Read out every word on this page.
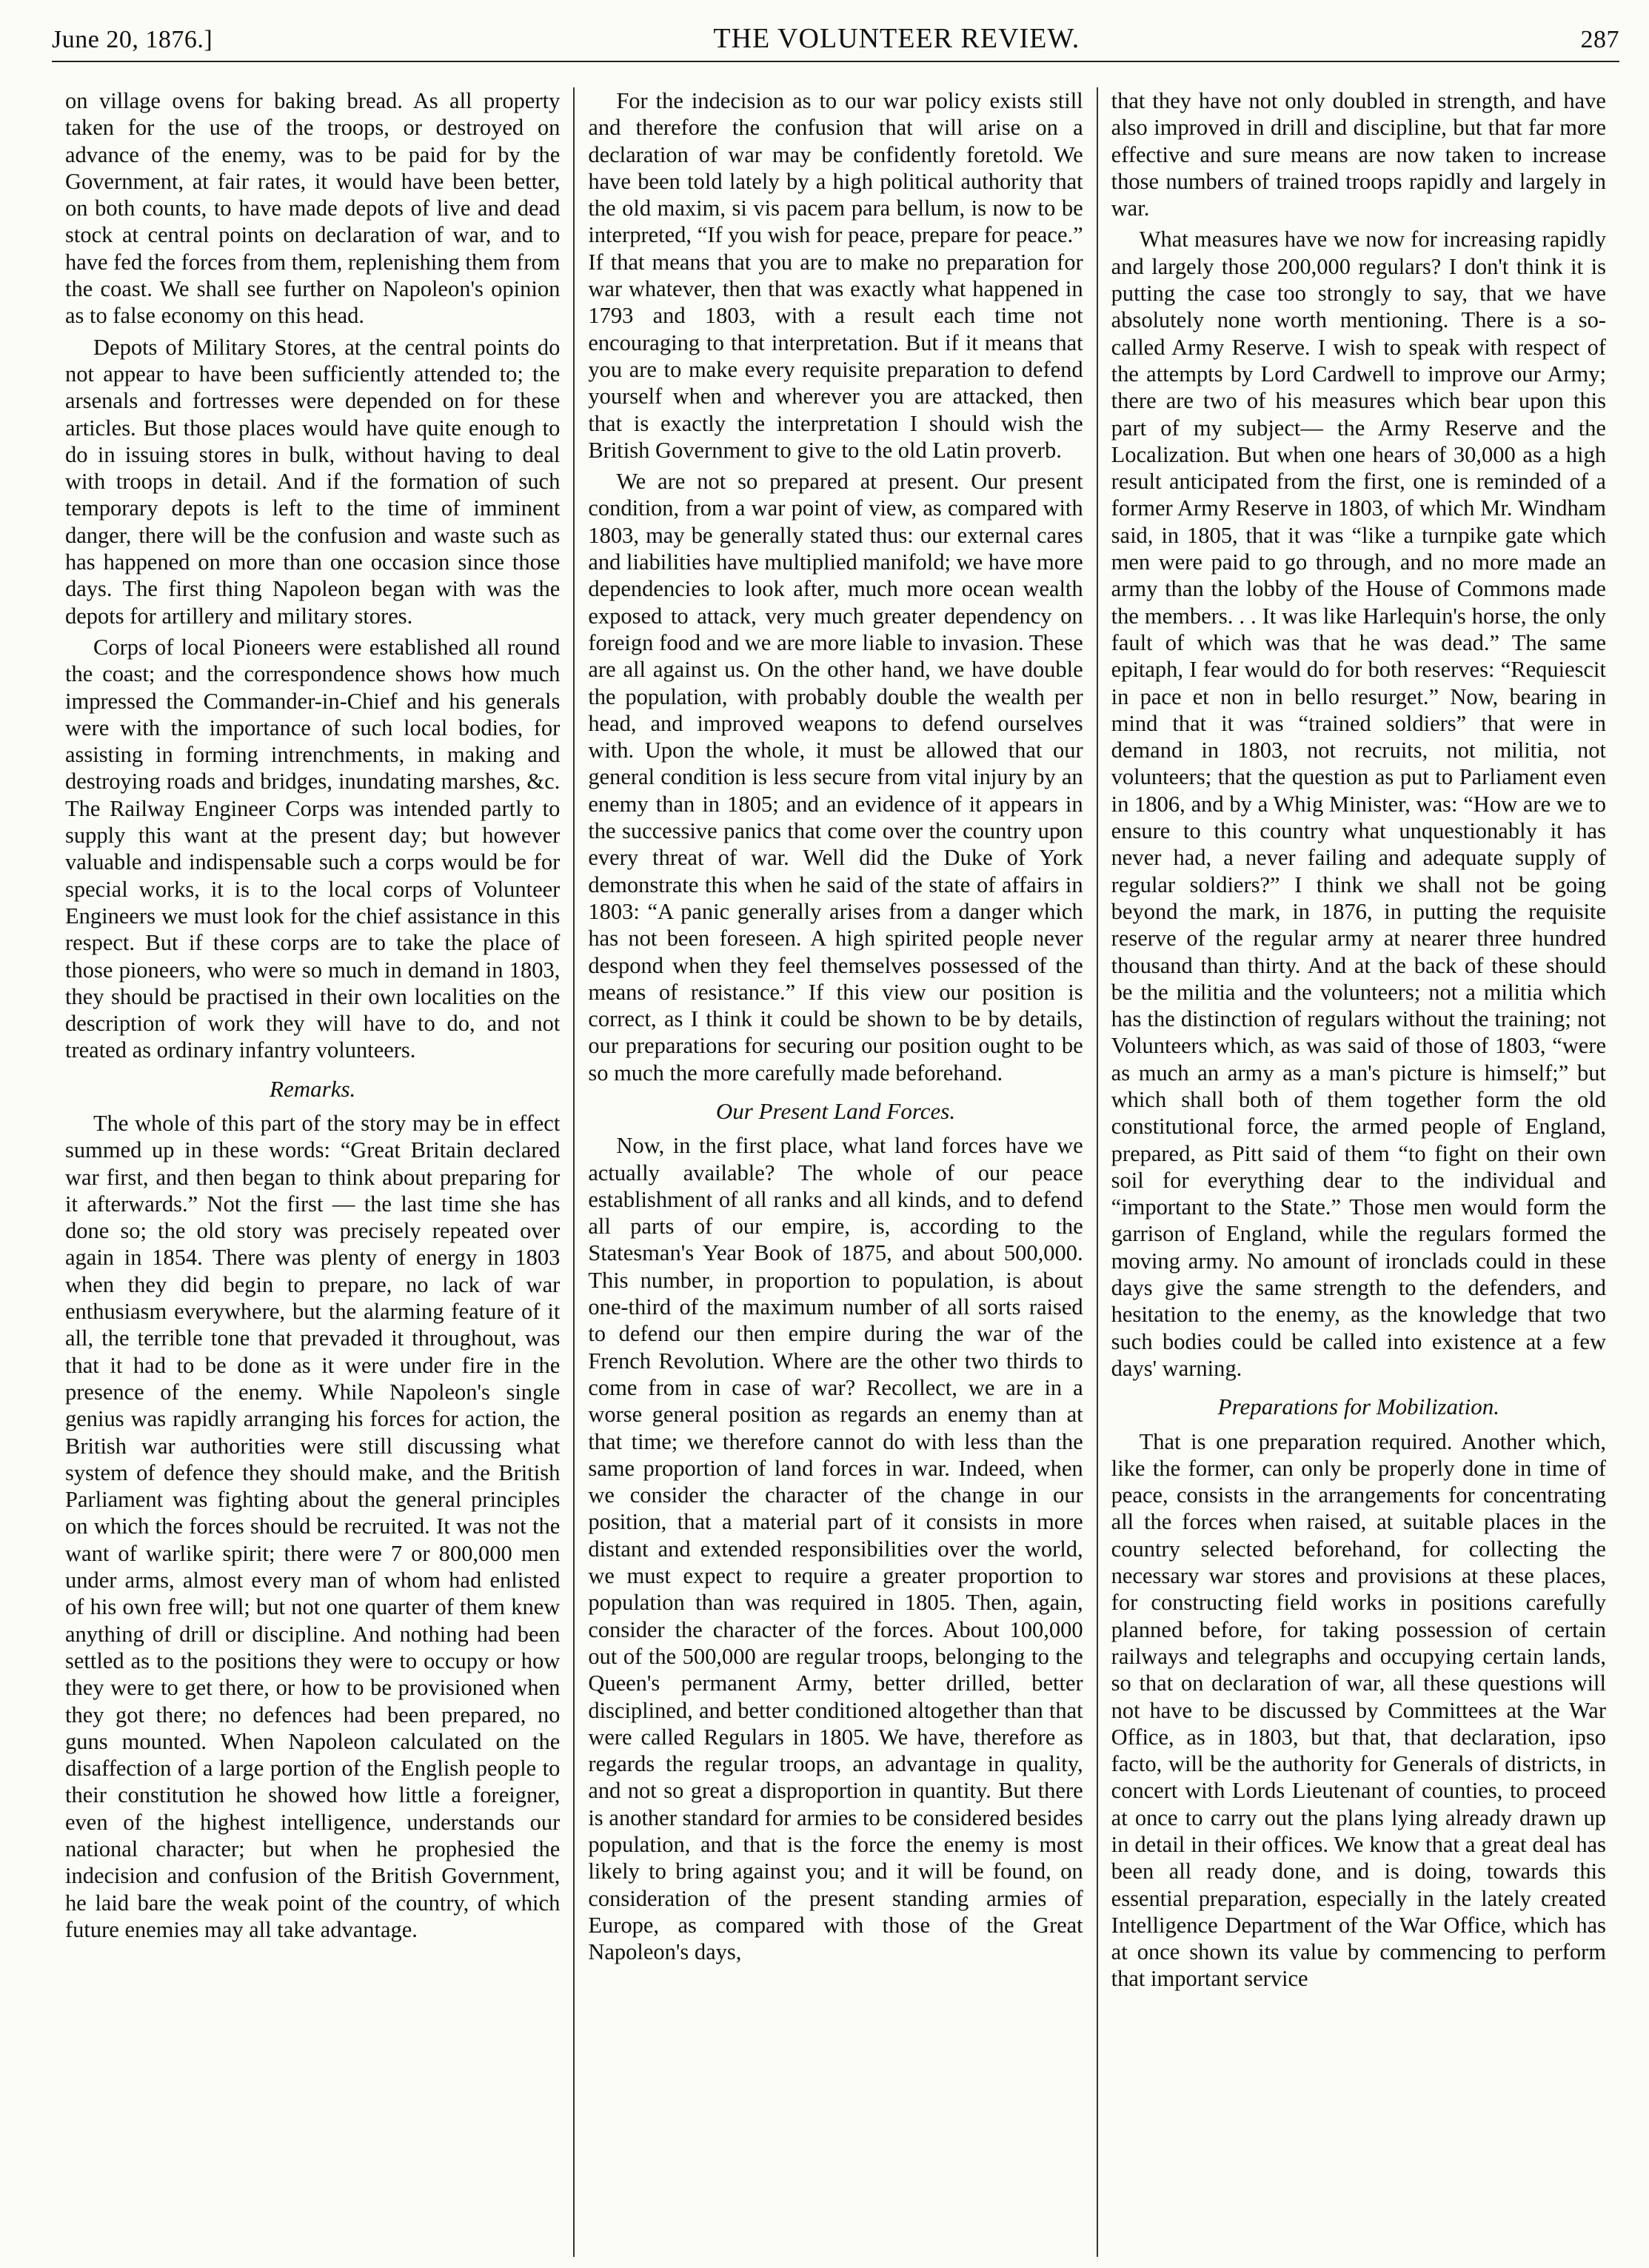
June 20, 1876.]	THE VOLUNTEER REVIEW.	287

on village ovens for baking bread. As all property taken for the use of the troops, or destroyed on advance of the enemy, was to be paid for by the Government, at fair rates, it would have been better, on both counts, to have made depots of live and dead stock at central points on declaration of war, and to have fed the forces from them, replenishing them from the coast. We shall see further on Napoleon's opinion as to false economy on this head.

Depots of Military Stores, at the central points do not appear to have been sufficiently attended to; the arsenals and fortresses were depended on for these articles. But those places would have quite enough to do in issuing stores in bulk, without having to deal with troops in detail. And if the formation of such temporary depots is left to the time of imminent danger, there will be the confusion and waste such as has happened on more than one occasion since those days. The first thing Napoleon began with was the depots for artillery and military stores.

Corps of local Pioneers were established all round the coast; and the correspondence shows how much impressed the Commander-in-Chief and his generals were with the importance of such local bodies, for assisting in forming intrenchments, in making and destroying roads and bridges, inundating marshes, &c. The Railway Engineer Corps was intended partly to supply this want at the present day; but however valuable and indispensable such a corps would be for special works, it is to the local corps of Volunteer Engineers we must look for the chief assistance in this respect. But if these corps are to take the place of those pioneers, who were so much in demand in 1803, they should be practised in their own localities on the description of work they will have to do, and not treated as ordinary infantry volunteers.

Remarks.

The whole of this part of the story may be in effect summed up in these words: “Great Britain declared war first, and then began to think about preparing for it afterwards.” Not the first — the last time she has done so; the old story was precisely repeated over again in 1854. There was plenty of energy in 1803 when they did begin to prepare, no lack of war enthusiasm everywhere, but the alarming feature of it all, the terrible tone that prevaded it throughout, was that it had to be done as it were under fire in the presence of the enemy. While Napoleon's single genius was rapidly arranging his forces for action, the British war authorities were still discussing what system of defence they should make, and the British Parliament was fighting about the general principles on which the forces should be recruited. It was not the want of warlike spirit; there were 7 or 800,000 men under arms, almost every man of whom had enlisted of his own free will; but not one quarter of them knew anything of drill or discipline. And nothing had been settled as to the positions they were to occupy or how they were to get there, or how to be provisioned when they got there; no defences had been prepared, no guns mounted. When Napoleon calculated on the disaffection of a large portion of the English people to their constitution he showed how little a foreigner, even of the highest intelligence, understands our national character; but when he prophesied the indecision and confusion of the British Government, he laid bare the weak point of the country, of which future enemies may all take advantage.

For the indecision as to our war policy exists still and therefore the confusion that will arise on a declaration of war may be confidently foretold. We have been told lately by a high political authority that the old maxim, si vis pacem para bellum, is now to be interpreted, “If you wish for peace, prepare for peace.” If that means that you are to make no preparation for war whatever, then that was exactly what happened in 1793 and 1803, with a result each time not encouraging to that interpretation. But if it means that you are to make every requisite preparation to defend yourself when and wherever you are attacked, then that is exactly the interpretation I should wish the British Government to give to the old Latin proverb.

We are not so prepared at present. Our present condition, from a war point of view, as compared with 1803, may be generally stated thus: our external cares and liabilities have multiplied manifold; we have more dependencies to look after, much more ocean wealth exposed to attack, very much greater dependency on foreign food and we are more liable to invasion. These are all against us. On the other hand, we have double the population, with probably double the wealth per head, and improved weapons to defend ourselves with. Upon the whole, it must be allowed that our general condition is less secure from vital injury by an enemy than in 1805; and an evidence of it appears in the successive panics that come over the country upon every threat of war. Well did the Duke of York demonstrate this when he said of the state of affairs in 1803: “A panic generally arises from a danger which has not been foreseen. A high spirited people never despond when they feel themselves possessed of the means of resistance.” If this view our position is correct, as I think it could be shown to be by details, our preparations for securing our position ought to be so much the more carefully made beforehand.

Our Present Land Forces.

Now, in the first place, what land forces have we actually available? The whole of our peace establishment of all ranks and all kinds, and to defend all parts of our empire, is, according to the Statesman's Year Book of 1875, and about 500,000. This number, in proportion to population, is about one-third of the maximum number of all sorts raised to defend our then empire during the war of the French Revolution. Where are the other two thirds to come from in case of war? Recollect, we are in a worse general position as regards an enemy than at that time; we therefore cannot do with less than the same proportion of land forces in war. Indeed, when we consider the character of the change in our position, that a material part of it consists in more distant and extended responsibilities over the world, we must expect to require a greater proportion to population than was required in 1805. Then, again, consider the character of the forces. About 100,000 out of the 500,000 are regular troops, belonging to the Queen's permanent Army, better drilled, better disciplined, and better conditioned altogether than that were called Regulars in 1805. We have, therefore as regards the regular troops, an advantage in quality, and not so great a disproportion in quantity. But there is another standard for armies to be considered besides population, and that is the force the enemy is most likely to bring against you; and it will be found, on consideration of the present standing armies of Europe, as compared with those of the Great Napoleon's days,

that they have not only doubled in strength, and have also improved in drill and discipline, but that far more effective and sure means are now taken to increase those numbers of trained troops rapidly and largely in war.

What measures have we now for increasing rapidly and largely those 200,000 regulars? I don't think it is putting the case too strongly to say, that we have absolutely none worth mentioning. There is a so-called Army Reserve. I wish to speak with respect of the attempts by Lord Cardwell to improve our Army; there are two of his measures which bear upon this part of my subject— the Army Reserve and the Localization. But when one hears of 30,000 as a high result anticipated from the first, one is reminded of a former Army Reserve in 1803, of which Mr. Windham said, in 1805, that it was “like a turnpike gate which men were paid to go through, and no more made an army than the lobby of the House of Commons made the members. . . It was like Harlequin's horse, the only fault of which was that he was dead.” The same epitaph, I fear would do for both reserves: “Requiescit in pace et non in bello resurget.” Now, bearing in mind that it was “trained soldiers” that were in demand in 1803, not recruits, not militia, not volunteers; that the question as put to Parliament even in 1806, and by a Whig Minister, was: “How are we to ensure to this country what unquestionably it has never had, a never failing and adequate supply of regular soldiers?” I think we shall not be going beyond the mark, in 1876, in putting the requisite reserve of the regular army at nearer three hundred thousand than thirty. And at the back of these should be the militia and the volunteers; not a militia which has the distinction of regulars without the training; not Volunteers which, as was said of those of 1803, “were as much an army as a man's picture is himself;” but which shall both of them together form the old constitutional force, the armed people of England, prepared, as Pitt said of them “to fight on their own soil for everything dear to the individual and “important to the State.” Those men would form the garrison of England, while the regulars formed the moving army. No amount of ironclads could in these days give the same strength to the defenders, and hesitation to the enemy, as the knowledge that two such bodies could be called into existence at a few days' warning.

Preparations for Mobilization.

That is one preparation required. Another which, like the former, can only be properly done in time of peace, consists in the arrangements for concentrating all the forces when raised, at suitable places in the country selected beforehand, for collecting the necessary war stores and provisions at these places, for constructing field works in positions carefully planned before, for taking possession of certain railways and telegraphs and occupying certain lands, so that on declaration of war, all these questions will not have to be discussed by Committees at the War Office, as in 1803, but that, that declaration, ipso facto, will be the authority for Generals of districts, in concert with Lords Lieutenant of counties, to proceed at once to carry out the plans lying already drawn up in detail in their offices. We know that a great deal has been all ready done, and is doing, towards this essential preparation, especially in the lately created Intelligence Department of the War Office, which has at once shown its value by commencing to perform that important service
